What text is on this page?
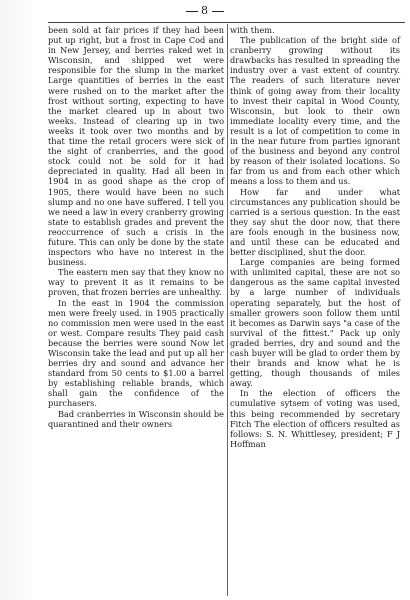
8

been sold at fair prices if they had been put up right, but a frost in Cape Cod and in New Jersey, and berries raked wet in Wisconsin, and shipped wet were responsible for the slump in the market Large quantities of berries in the east were rushed on to the market after the frost without sorting, expecting to have the market cleared up in about two weeks. Instead of clearing up in two weeks it took over two months and by that time the retail grocers were sick of the sight of cranberries, and the good stock could not be sold for it had depreciated in quality. Had all been in 1904 in as good shape as the crop of 1905, there would have been no such slump and no one have suffered. I tell you we need a law in every cranberry growing state to establish grades and prevent the reoccurrence of such a crisis in the future. This can only be done by the state inspectors who have no interest in the business.

The eastern men say that they know no way to prevent it as it remains to be proven, that frozen berries are unhealthy.

In the east in 1904 the commission men were freely used. in 1905 practically no commission men were used in the east or west. Compare results They paid cash because the berries were sound Now let Wisconsin take the lead and put up all her berries dry and sound and advance her standard from 50 cents to $1.00 a barrel by establishing reliable brands, which shall gain the confidence of the purchasers.

Bad cranberries in Wisconsin should be quarantined and their owners

with them.

The publication of the bright side of cranberry growing without its drawbacks has resulted in spreading the industry over a vast extent of country. The readers of such literature never think of going away from their locality to invest their capital in Wood County, Wisconsin, but look to their own immediate locality every time, and the result is a lot of competition to come in in the near future from parties ignorant of the business and beyond any control by reason of their isolated locations. So far from us and from each other which means a loss to them and us.

How far and under what circumstances any publication should be carried is a serious question. In the east they say shut the door now, that there are fools enough in the business now, and until these can be educated and better disciplined, shut the door.

Large companies are being formed with unlimited capital, these are not so dangerous as the same capital invested by a large number of individuals operating separately, but the host of smaller growers soon follow them until it becomes as Darwin says "a case of the survival of the fittest." Pack up only graded berries, dry and sound and the cash buyer will be glad to order them by their brands and know what he is getting, though thousands of miles away.

In the election of officers the cumulative sytsem of voting was used, this being recommended by secretary Fitch The election of officers resulted as follows: S. N. Whittlesey, president; F J Hoffman
